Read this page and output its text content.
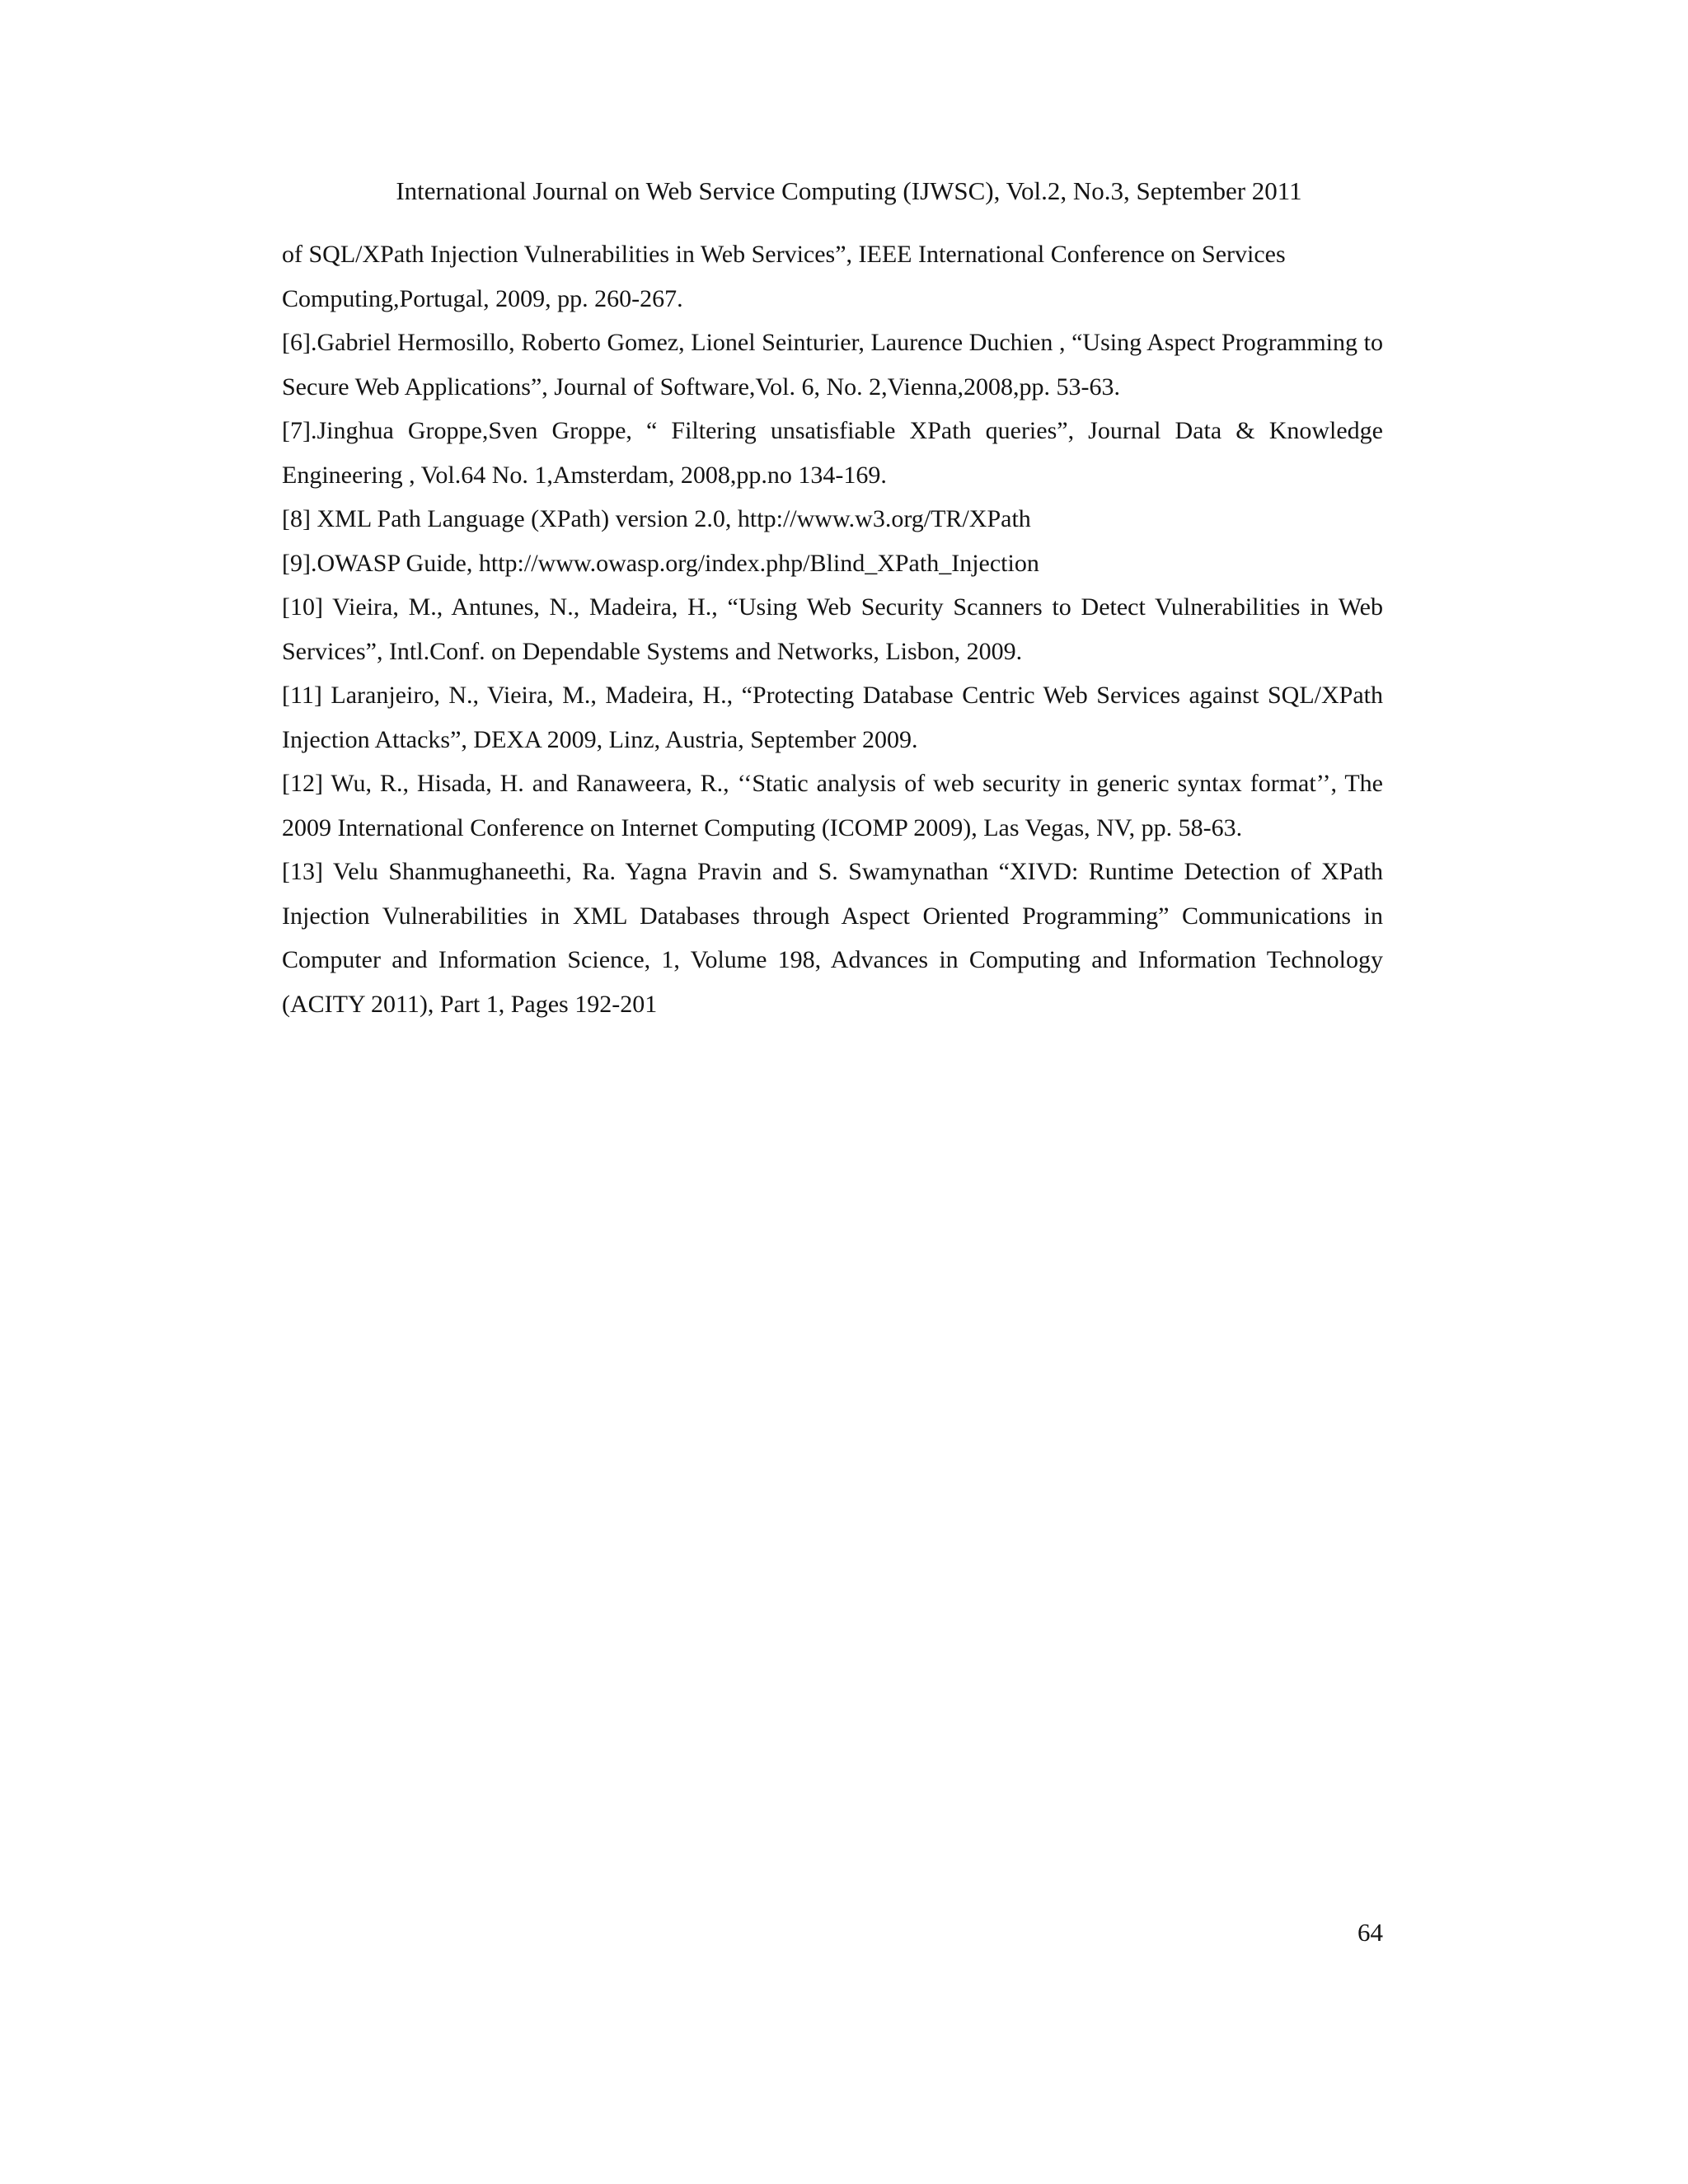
International Journal on Web Service Computing (IJWSC), Vol.2, No.3, September 2011

of SQL/XPath Injection Vulnerabilities in Web Services”, IEEE International Conference on Services Computing,Portugal, 2009, pp. 260-267.

[6].Gabriel Hermosillo, Roberto Gomez, Lionel Seinturier, Laurence Duchien , “Using Aspect Programming to Secure Web Applications”, Journal of Software,Vol. 6, No. 2,Vienna,2008,pp. 53-63.

[7].Jinghua Groppe,Sven Groppe, “ Filtering unsatisfiable XPath queries”, Journal Data & Knowledge Engineering , Vol.64 No. 1,Amsterdam, 2008,pp.no 134-169.

[8] XML Path Language (XPath) version 2.0, http://www.w3.org/TR/XPath

[9].OWASP Guide, http://www.owasp.org/index.php/Blind_XPath_Injection

[10] Vieira, M., Antunes, N., Madeira, H., “Using Web Security Scanners to Detect Vulnerabilities in Web Services”, Intl.Conf. on Dependable Systems and Networks, Lisbon, 2009.

[11] Laranjeiro, N., Vieira, M., Madeira, H., “Protecting Database Centric Web Services against SQL/XPath Injection Attacks”, DEXA 2009, Linz, Austria, September 2009.

[12] Wu, R., Hisada, H. and Ranaweera, R., ‘‘Static analysis of web security in generic syntax format’’, The 2009 International Conference on Internet Computing (ICOMP 2009), Las Vegas, NV, pp. 58-63.

[13] Velu Shanmughaneethi, Ra. Yagna Pravin and S. Swamynathan “XIVD: Runtime Detection of XPath Injection Vulnerabilities in XML Databases through Aspect Oriented Programming” Communications in Computer and Information Science, 1, Volume 198, Advances in Computing and Information Technology (ACITY 2011), Part 1, Pages 192-201

64
